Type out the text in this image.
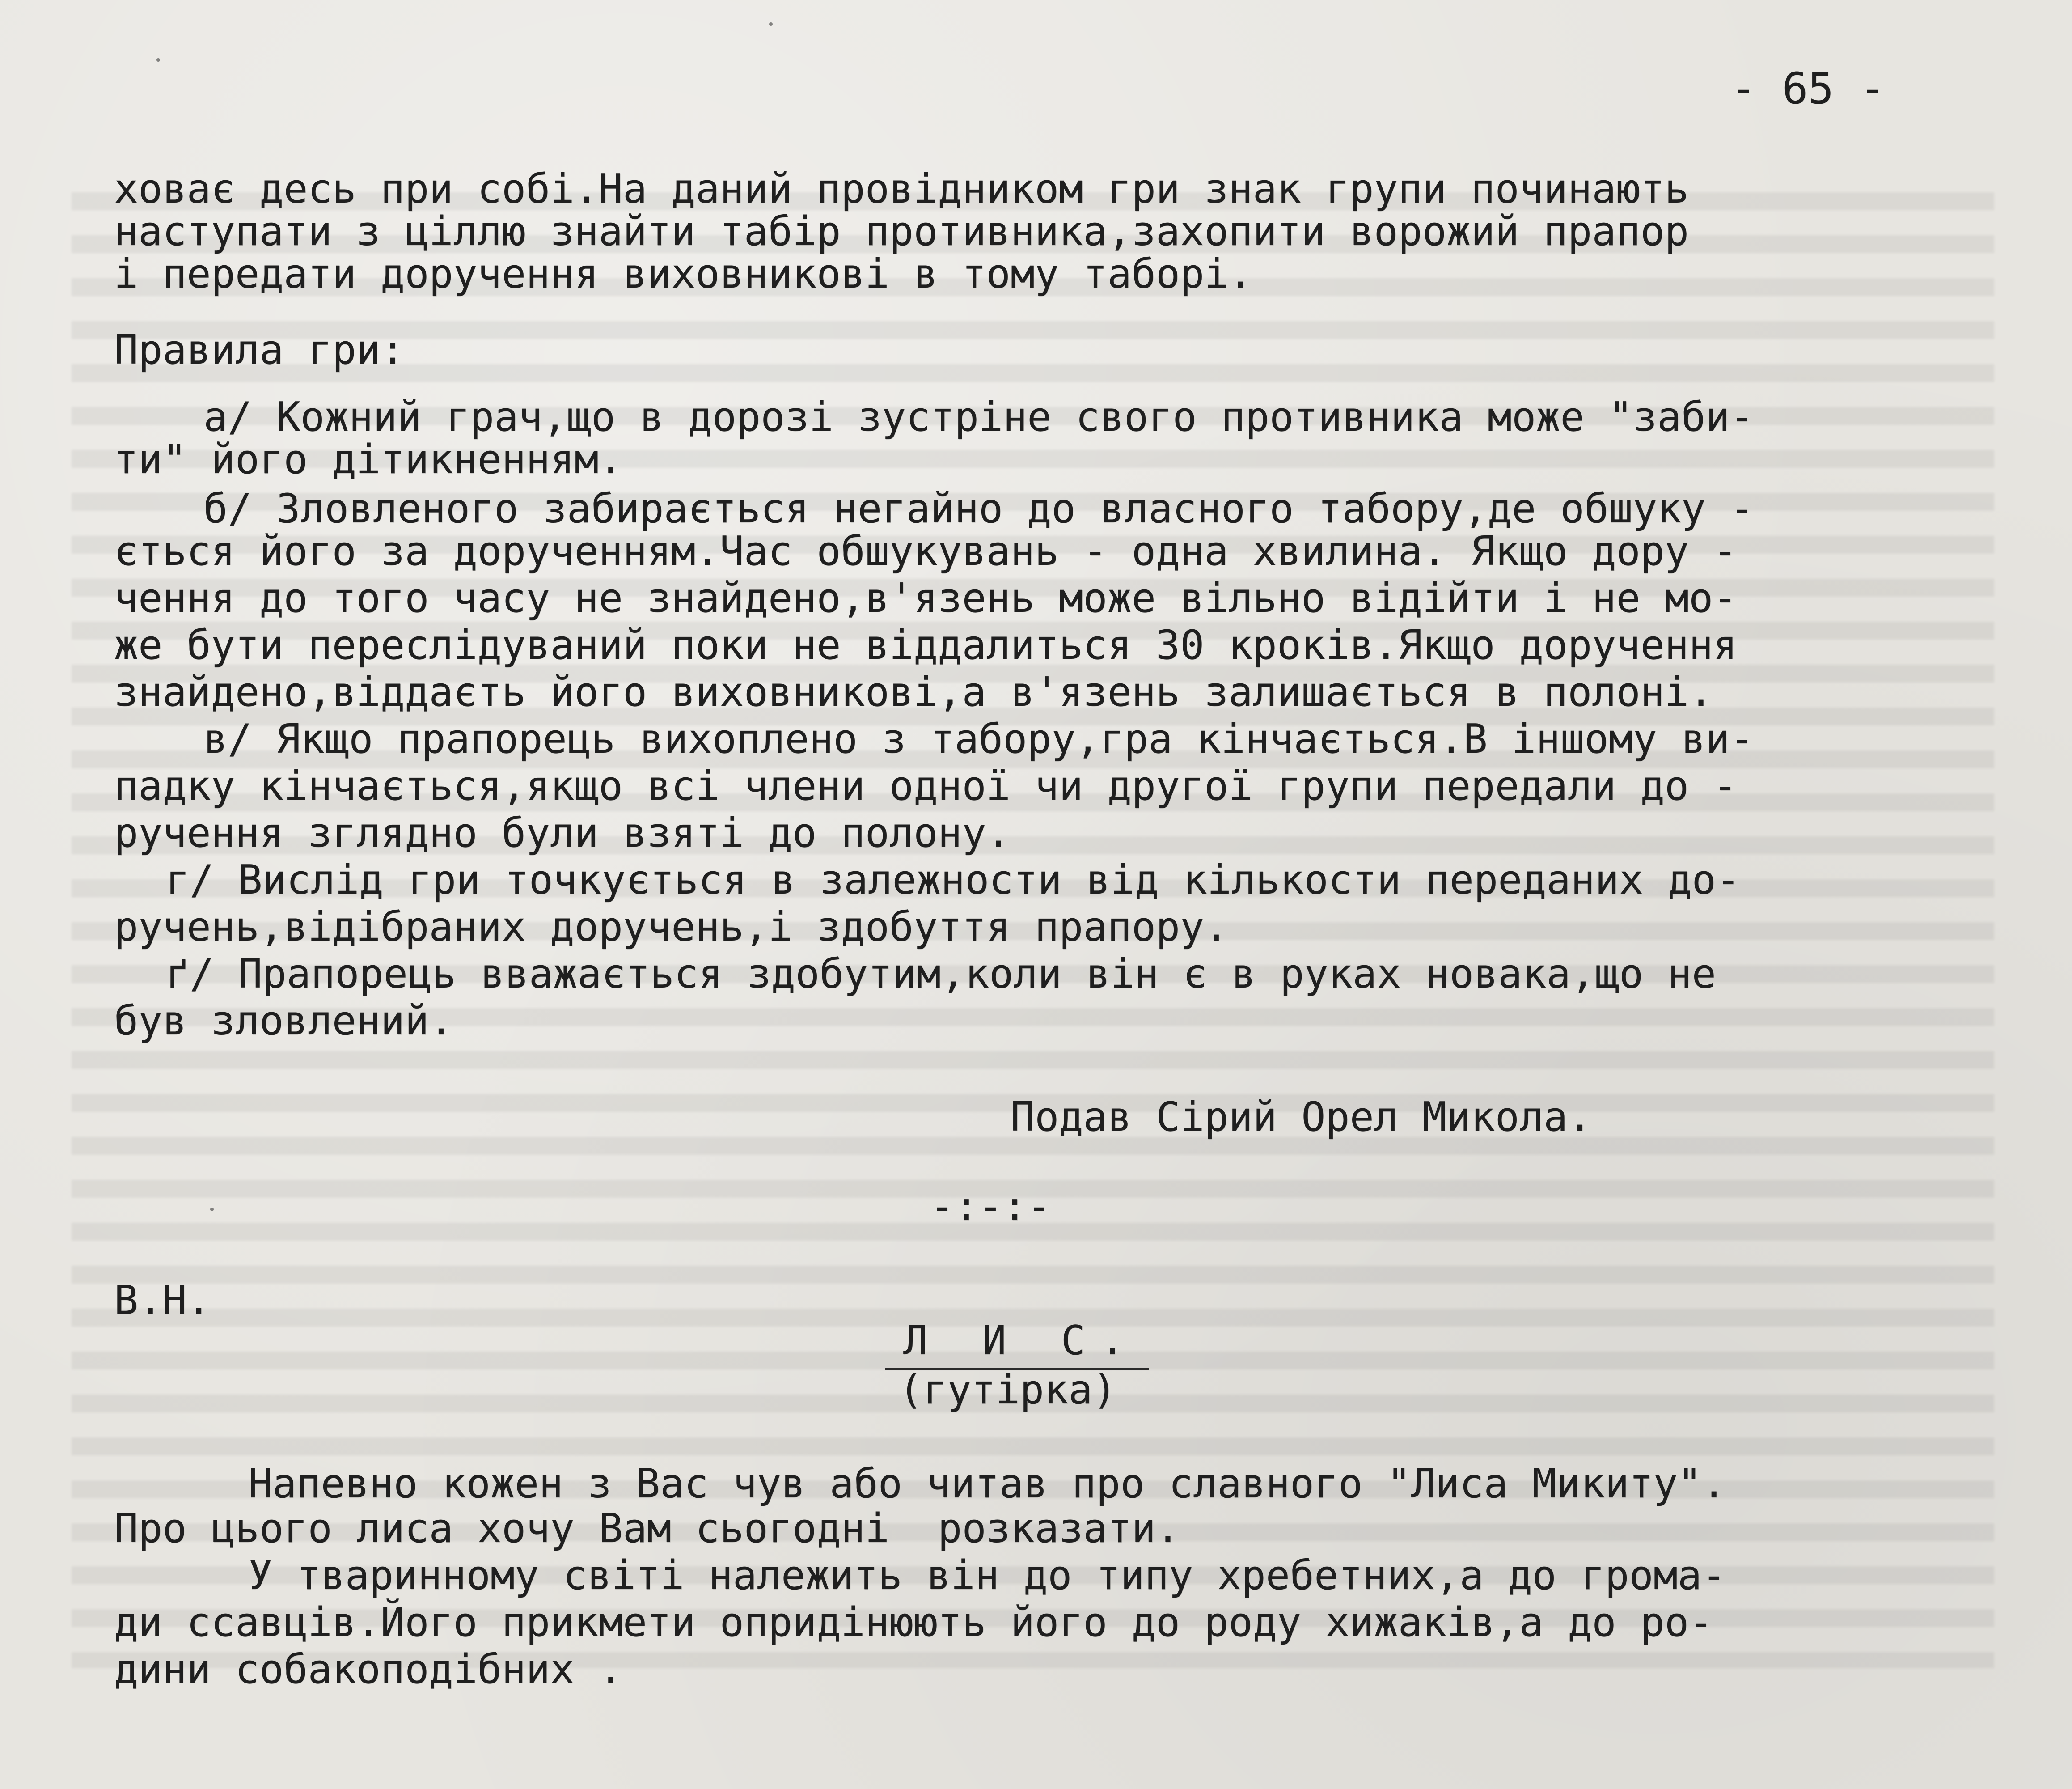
- 65 -
ховає десь при собі.На даний провідником гри знак групи починають
наступати з ціллю знайти табір противника,захопити ворожий прапор
і передати доручення виховникові в тому таборі.
Правила гри:
а/ Кожний грач,що в дорозі зустріне свого противника може "заби-
ти" його дітикненням.
б/ Зловленого забирається негайно до власного табору,де обшуку -
ється його за дорученням.Час обшукувань - одна хвилина. Якщо дору -
чення до того часу не знайдено,в'язень може вільно відійти і не мо-
же бути переслідуваний поки не віддалиться 30 кроків.Якщо доручення
знайдено,віддаєть його виховникові,а в'язень залишається в полоні.
в/ Якщо прапорець вихоплено з табору,гра кінчається.В іншому ви-
падку кінчається,якщо всі члени одної чи другої групи передали до -
ручення зглядно були взяті до полону.
г/ Вислід гри точкується в залежности від кількости переданих до-
ручень,відібраних доручень,і здобуття прапору.
ґ/ Прапорець вважається здобутим,коли він є в руках новака,що не
був зловлений.
Подав Сірий Орел Микола.
-:-:-
В.Н.
Л И С.
(гутірка)
Напевно кожен з Вас чув або читав про славного "Лиса Микиту".
Про цього лиса хочу Вам сьогодні  розказати.
У тваринному світі належить він до типу хребетних,а до грома-
ди ссавців.Його прикмети опридінюють його до роду хижаків,а до ро-
дини собакоподібних .
